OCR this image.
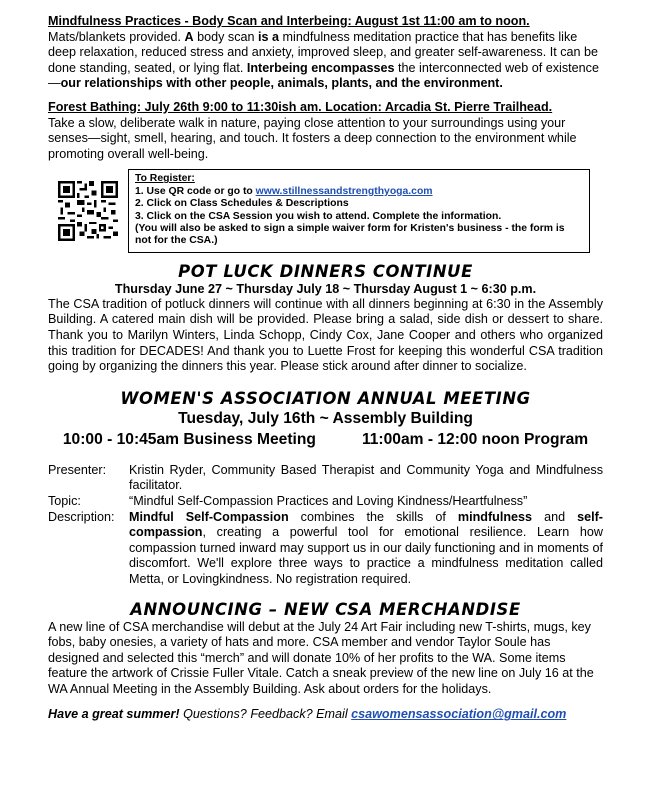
Mindfulness Practices - Body Scan and Interbeing: August 1st 11:00 am to noon.

Mats/blankets provided. A body scan is a mindfulness meditation practice that has benefits like deep relaxation, reduced stress and anxiety, improved sleep, and greater self-awareness. It can be done standing, seated, or lying flat. Interbeing encompasses the interconnected web of existence—our relationships with other people, animals, plants, and the environment.

Forest Bathing: July 26th 9:00 to 11:30ish am. Location: Arcadia St. Pierre Trailhead.

Take a slow, deliberate walk in nature, paying close attention to your surroundings using your senses—sight, smell, hearing, and touch. It fosters a deep connection to the environment while promoting overall well-being.

To Register:
1. Use QR code or go to www.stillnessandstrengthyoga.com
2. Click on Class Schedules & Descriptions
3. Click on the CSA Session you wish to attend. Complete the information.
(You will also be asked to sign a simple waiver form for Kristen's business - the form is not for the CSA.)
POT LUCK DINNERS CONTINUE
Thursday June 27 ~ Thursday July 18 ~ Thursday August 1 ~ 6:30 p.m.

The CSA tradition of potluck dinners will continue with all dinners beginning at 6:30 in the Assembly Building. A catered main dish will be provided. Please bring a salad, side dish or dessert to share. Thank you to Marilyn Winters, Linda Schopp, Cindy Cox, Jane Cooper and others who organized this tradition for DECADES! And thank you to Luette Frost for keeping this wonderful CSA tradition going by organizing the dinners this year. Please stick around after dinner to socialize.

WOMEN'S ASSOCIATION ANNUAL MEETING
Tuesday, July 16th ~ Assembly Building
10:00 - 10:45am Business Meeting	11:00am - 12:00 noon Program
Presenter:	Kristin Ryder, Community Based Therapist and Community Yoga and Mindfulness facilitator.
Topic:	“Mindful Self-Compassion Practices and Loving Kindness/Heartfulness”
Description:	Mindful Self-Compassion combines the skills of mindfulness and self-compassion, creating a powerful tool for emotional resilience. Learn how compassion turned inward may support us in our daily functioning and in moments of discomfort. We'll explore three ways to practice a mindfulness meditation called Metta, or Lovingkindness. No registration required.
ANNOUNCING – NEW CSA MERCHANDISE

A new line of CSA merchandise will debut at the July 24 Art Fair including new T-shirts, mugs, key fobs, baby onesies, a variety of hats and more. CSA member and vendor Taylor Soule has designed and selected this “merch” and will donate 10% of her profits to the WA. Some items feature the artwork of Crissie Fuller Vitale. Catch a sneak preview of the new line on July 16 at the WA Annual Meeting in the Assembly Building. Ask about orders for the holidays.

Have a great summer! Questions? Feedback? Email csawomensassociation@gmail.com
